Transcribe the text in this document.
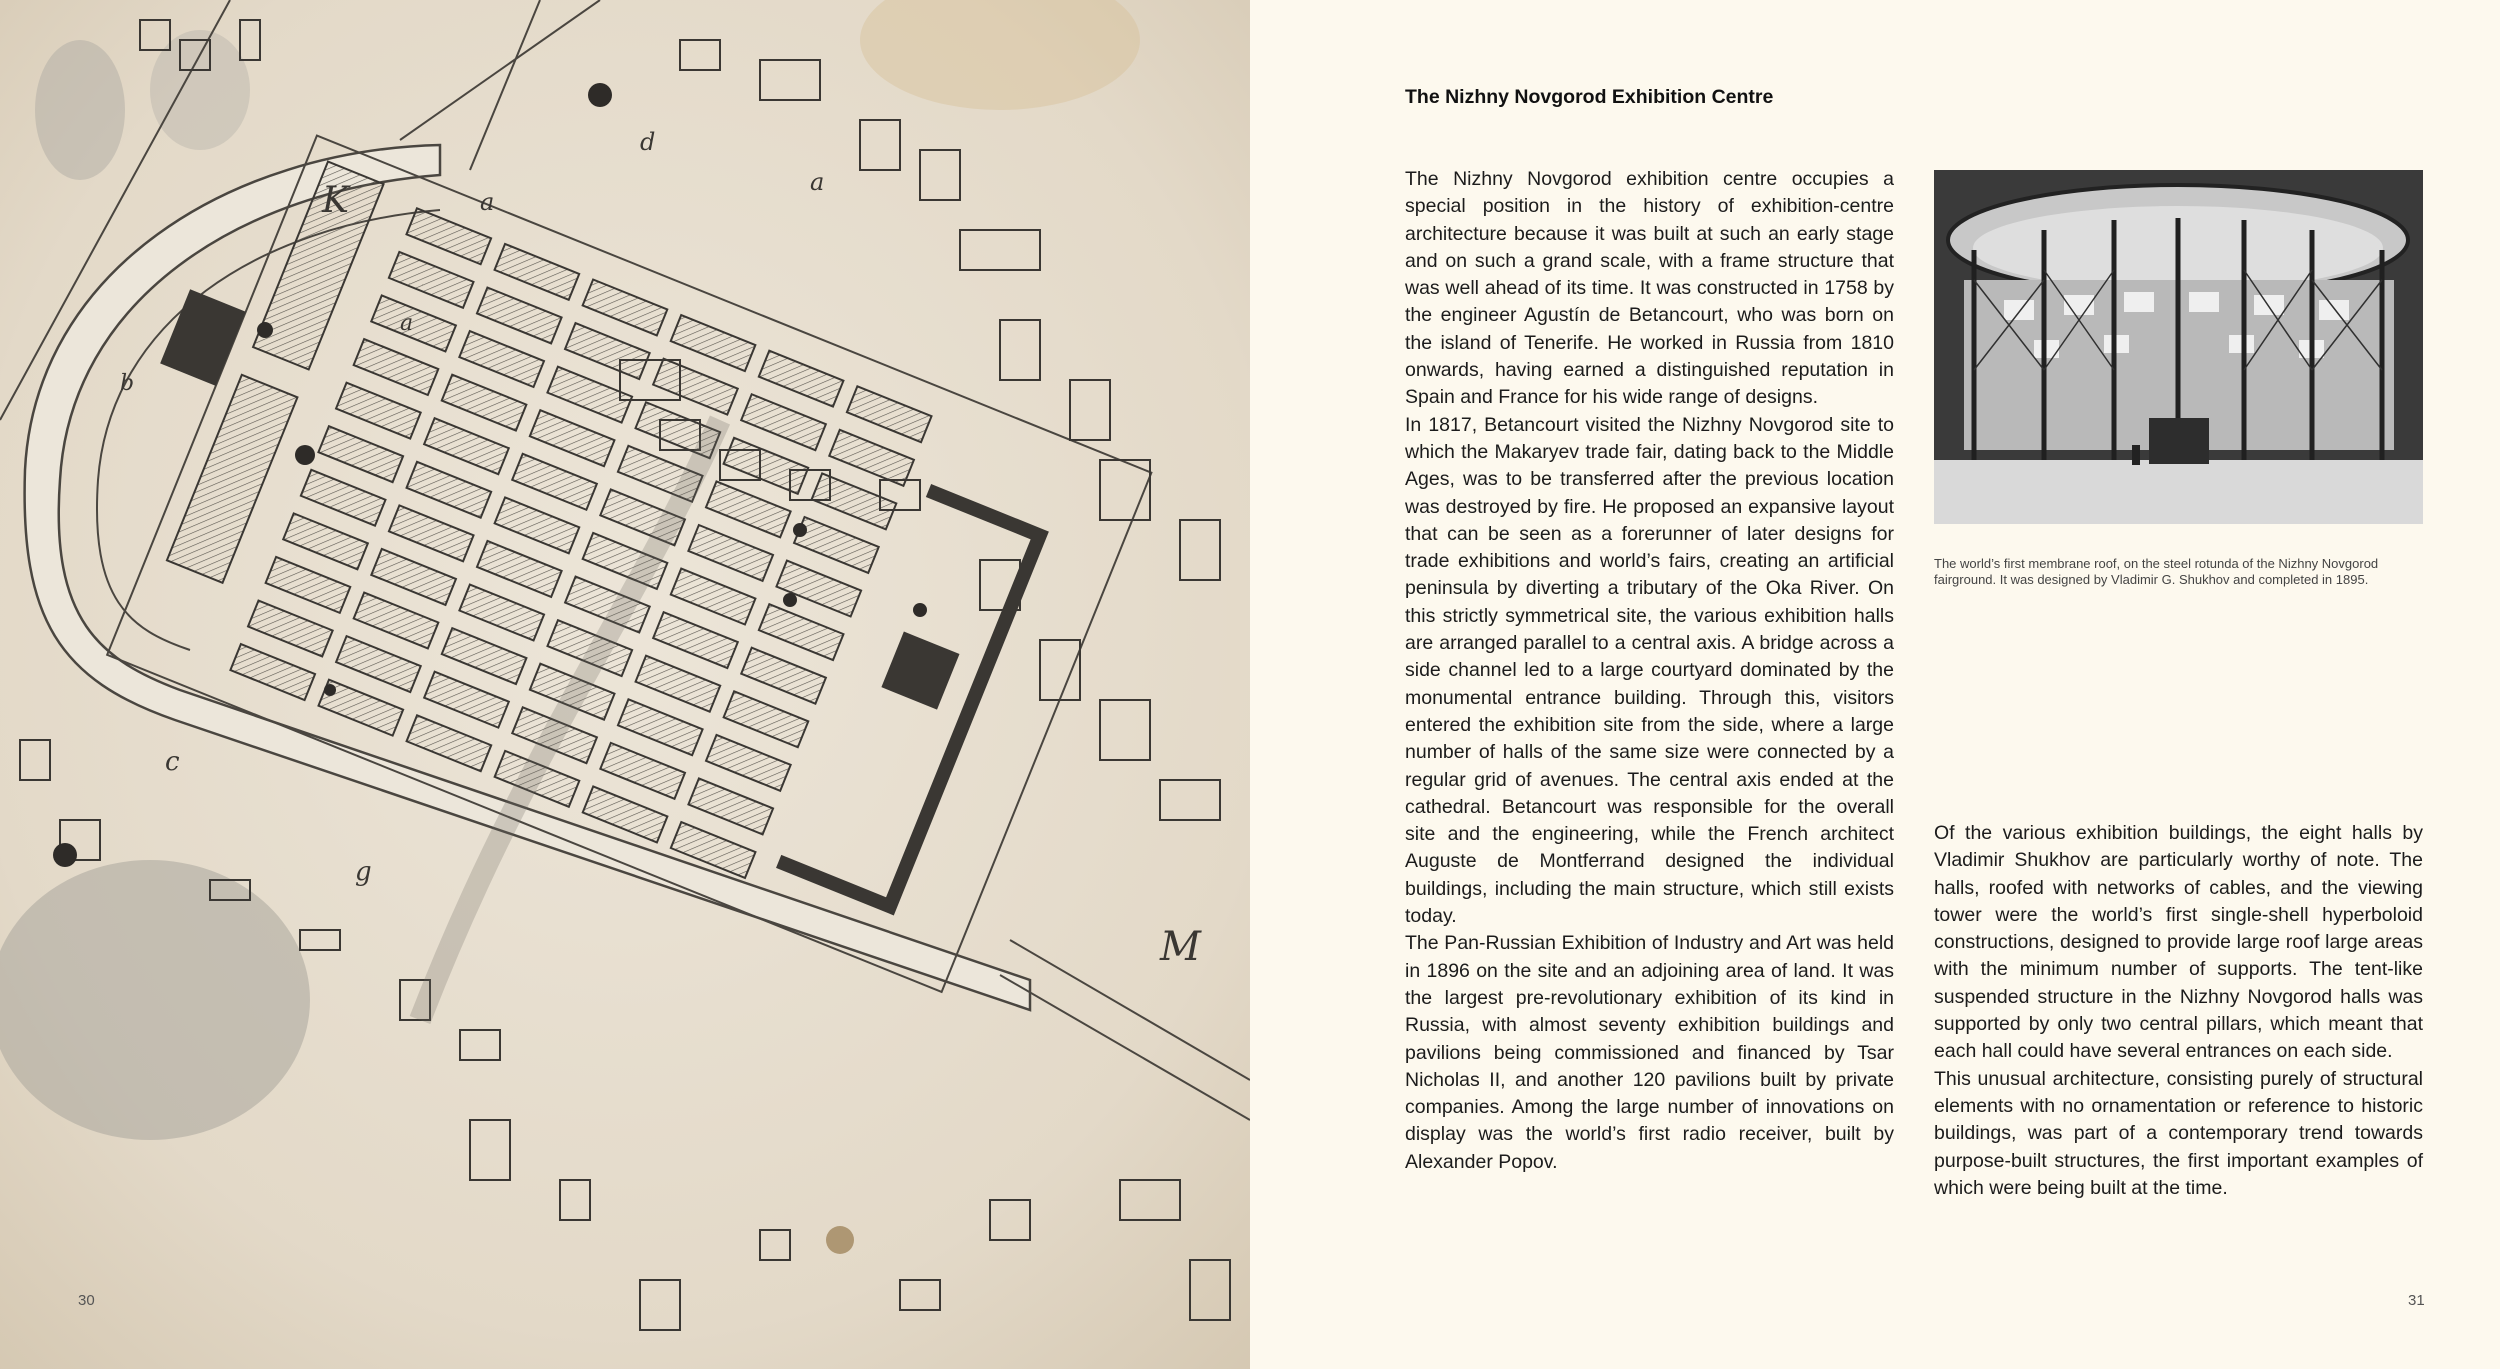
K	a
d
a
b
c
g
a
M
30	31
The Nizhny Novgorod Exhibition Centre

The Nizhny Novgorod exhibition centre occupies a special position in the history of exhibition-centre architecture because it was built at such an early stage and on such a grand scale, with a frame structure that was well ahead of its time. It was constructed in 1758 by the engineer Agustín de Betancourt, who was born on the island of Tenerife. He worked in Russia from 1810 onwards, having earned a distinguished reputation in Spain and France for his wide range of designs.

In 1817, Betancourt visited the Nizhny Novgorod site to which the Makaryev trade fair, dating back to the Middle Ages, was to be transferred after the previous location was destroyed by fire. He proposed an expansive layout that can be seen as a forerunner of later designs for trade exhibitions and world’s fairs, creating an artificial peninsula by diverting a tributary of the Oka River. On this strictly symmetrical site, the various exhibition halls are arranged parallel to a central axis. A bridge across a side channel led to a large courtyard dominated by the monumental entrance building. Through this, visitors entered the exhibition site from the side, where a large number of halls of the same size were connected by a regular grid of avenues. The central axis ended at the cathedral. Betancourt was responsible for the overall site and the engineering, while the French architect Auguste de Montferrand designed the individual buildings, including the main structure, which still exists today.

The Pan-Russian Exhibition of Industry and Art was held in 1896 on the site and an adjoining area of land. It was the largest pre-revolutionary exhibition of its kind in Russia, with almost seventy exhibition buildings and pavilions being commissioned and financed by Tsar Nicholas II, and another 120 pavilions built by private companies. Among the large number of innovations on display was the world’s first radio receiver, built by Alexander Popov.

The world’s first membrane roof, on the steel rotunda of the Nizhny Novgorod fairground. It was designed by Vladimir G. Shukhov and completed in 1895.

Of the various exhibition buildings, the eight halls by Vladimir Shukhov are particularly worthy of note. The halls, roofed with networks of cables, and the viewing tower were the world’s first single-shell hyperboloid constructions, designed to provide large roof large areas with the minimum number of supports. The tent-like suspended structure in the Nizhny Novgorod halls was supported by only two central pillars, which meant that each hall could have several entrances on each side.

This unusual architecture, consisting purely of structural elements with no ornamentation or reference to historic buildings, was part of a contemporary trend towards purpose-built structures, the first important examples of which were being built at the time.
